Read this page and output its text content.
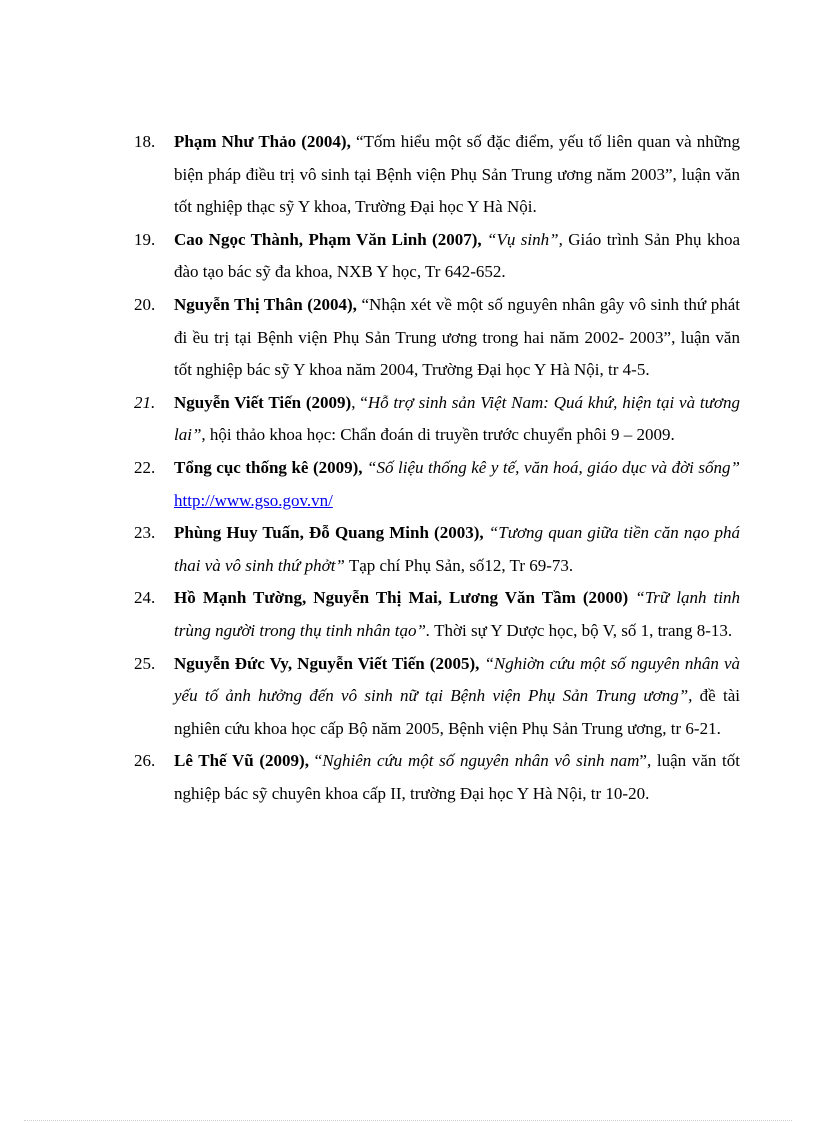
18. Phạm Như Thảo (2004), “Tốm hiểu một số đặc điểm, yếu tố liên quan và những biện pháp điều trị vô sinh tại Bệnh viện Phụ Sản Trung ương năm 2003”, luận văn tốt nghiệp thạc sỹ Y khoa, Trường Đại học Y Hà Nội.
19. Cao Ngọc Thành, Phạm Văn Linh (2007), “Vụ sinh”, Giáo trình Sản Phụ khoa đào tạo bác sỹ đa khoa, NXB Y học, Tr 642-652.
20. Nguyễn Thị Thân (2004), “Nhận xét về một số nguyên nhân gây vô sinh thứ phát đi ều trị tại Bệnh viện Phụ Sản Trung ương trong hai năm 2002- 2003”, luận văn tốt nghiệp bác sỹ Y khoa năm 2004, Trường Đại học Y Hà Nội, tr 4-5.
21. Nguyễn Viết Tiến (2009), “Hỗ trợ sinh sản Việt Nam: Quá khứ, hiện tại và tương lai”, hội thảo khoa học: Chẩn đoán di truyền trước chuyển phôi 9 – 2009.
22. Tổng cục thống kê (2009), “Số liệu thống kê y tế, văn hoá, giáo dục và đời sống” http://www.gso.gov.vn/
23. Phùng Huy Tuấn, Đỗ Quang Minh (2003), “Tương quan giữa tiền căn nạo phá thai và vô sinh thứ phởt” Tạp chí Phụ Sản, số12, Tr 69-73.
24. Hồ Mạnh Tường, Nguyễn Thị Mai, Lương Văn Tầm (2000) “Trữ lạnh tinh trùng người trong thụ tinh nhân tạo”. Thời sự Y Dược học, bộ V, số 1, trang 8-13.
25. Nguyễn Đức Vy, Nguyễn Viết Tiến (2005), “Nghiờn cứu một số nguyên nhân và yếu tố ảnh hưởng đến vô sinh nữ tại Bệnh viện Phụ Sản Trung ương”, đề tài nghiên cứu khoa học cấp Bộ năm 2005, Bệnh viện Phụ Sản Trung ương, tr 6-21.
26. Lê Thế Vũ (2009), “Nghiên cứu một số nguyên nhân vô sinh nam”, luận văn tốt nghiệp bác sỹ chuyên khoa cấp II, trường Đại học Y Hà Nội, tr 10-20.
